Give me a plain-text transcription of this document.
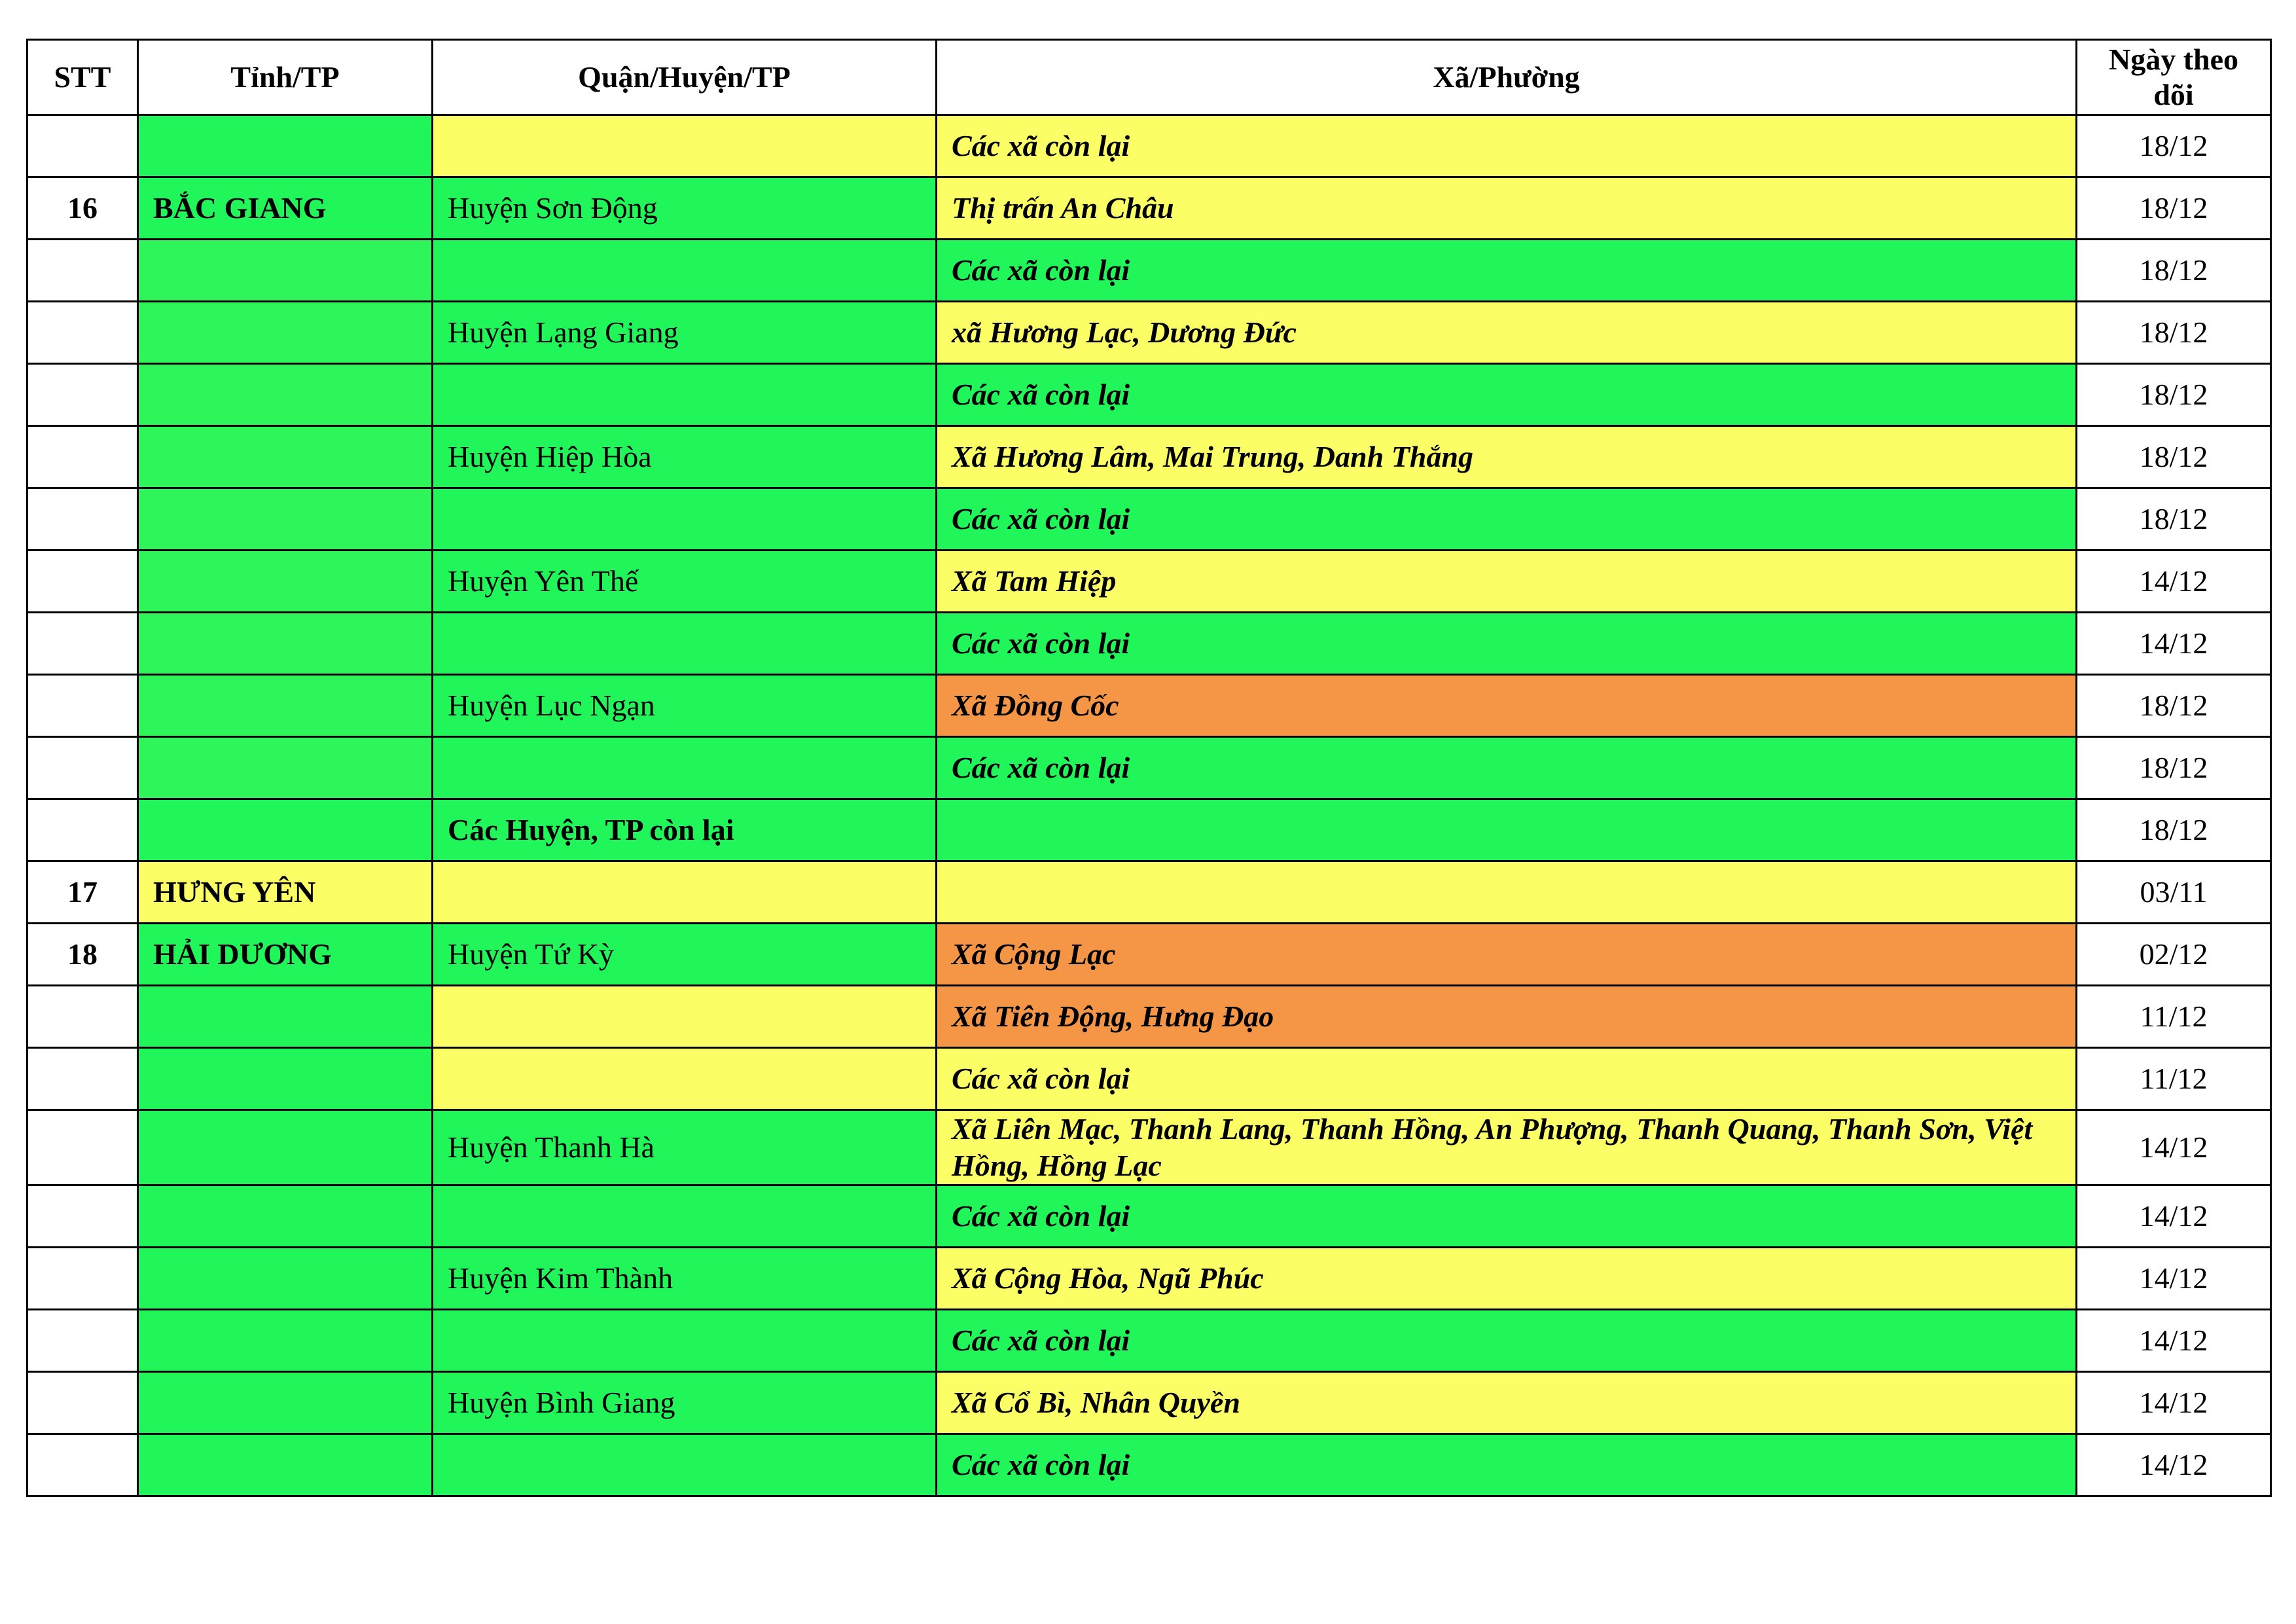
STT	Tỉnh/TP	Quận/Huyện/TP	Xã/Phường	Ngày theo dõi
			Các xã còn lại	18/12
16	BẮC GIANG	Huyện Sơn Động	Thị trấn An Châu	18/12
			Các xã còn lại	18/12
		Huyện Lạng Giang	xã Hương Lạc, Dương Đức	18/12
			Các xã còn lại	18/12
		Huyện Hiệp Hòa	Xã Hương Lâm, Mai Trung, Danh Thắng	18/12
			Các xã còn lại	18/12
		Huyện Yên Thế	Xã Tam Hiệp	14/12
			Các xã còn lại	14/12
		Huyện Lục Ngạn	Xã Đồng Cốc	18/12
			Các xã còn lại	18/12
		Các Huyện, TP còn lại		18/12
17	HƯNG YÊN			03/11
18	HẢI DƯƠNG	Huyện Tứ Kỳ	Xã Cộng Lạc	02/12
			Xã Tiên Động, Hưng Đạo	11/12
			Các xã còn lại	11/12
		Huyện Thanh Hà	Xã Liên Mạc, Thanh Lang, Thanh Hồng, An Phượng, Thanh Quang, Thanh Sơn, Việt Hồng, Hồng Lạc	14/12
			Các xã còn lại	14/12
		Huyện Kim Thành	Xã Cộng Hòa, Ngũ Phúc	14/12
			Các xã còn lại	14/12
		Huyện Bình Giang	Xã Cổ Bì, Nhân Quyền	14/12
			Các xã còn lại	14/12
